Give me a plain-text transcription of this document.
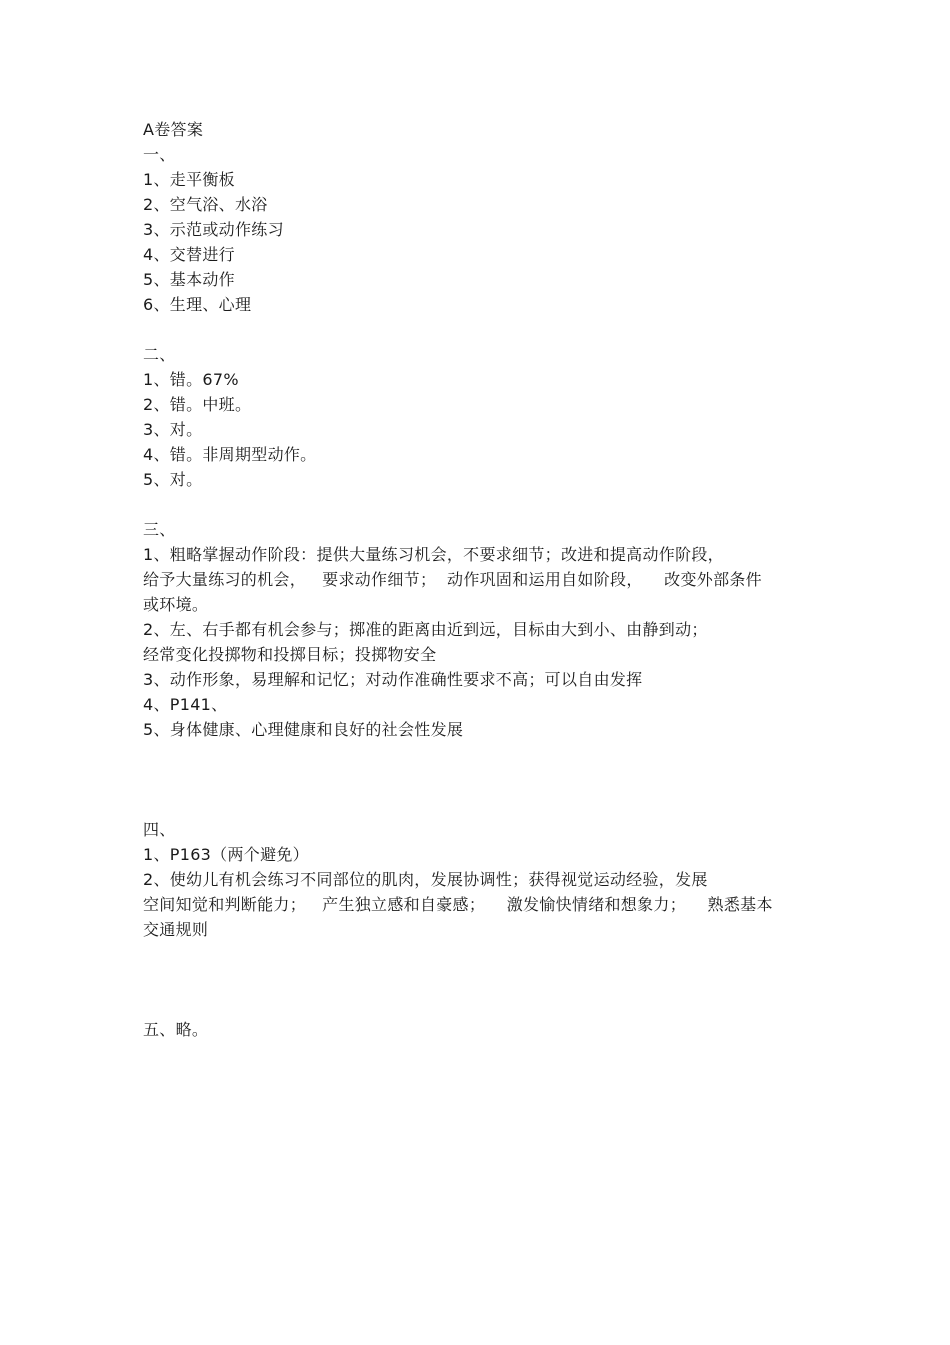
A卷答案
一、
1、走平衡板
2、空气浴、水浴
3、示范或动作练习
4、交替进行
5、基本动作
6、生理、心理
二、
1、错。67%
2、错。中班。
3、对。
4、错。非周期型动作。
5、对。
三、
1、粗略掌握动作阶段：提供大量练习机会，不要求细节；改进和提高动作阶段，
给予大量练习的机会，   要求动作细节；  动作巩固和运用自如阶段，    改变外部条件
或环境。
2、左、右手都有机会参与；掷准的距离由近到远，目标由大到小、由静到动；
经常变化投掷物和投掷目标；投掷物安全
3、动作形象，易理解和记忆；对动作准确性要求不高；可以自由发挥
4、P141、
5、身体健康、心理健康和良好的社会性发展
四、
1、P163（两个避免）
2、使幼儿有机会练习不同部位的肌肉，发展协调性；获得视觉运动经验，发展
空间知觉和判断能力；   产生独立感和自豪感；    激发愉快情绪和想象力；    熟悉基本
交通规则
五、略。
